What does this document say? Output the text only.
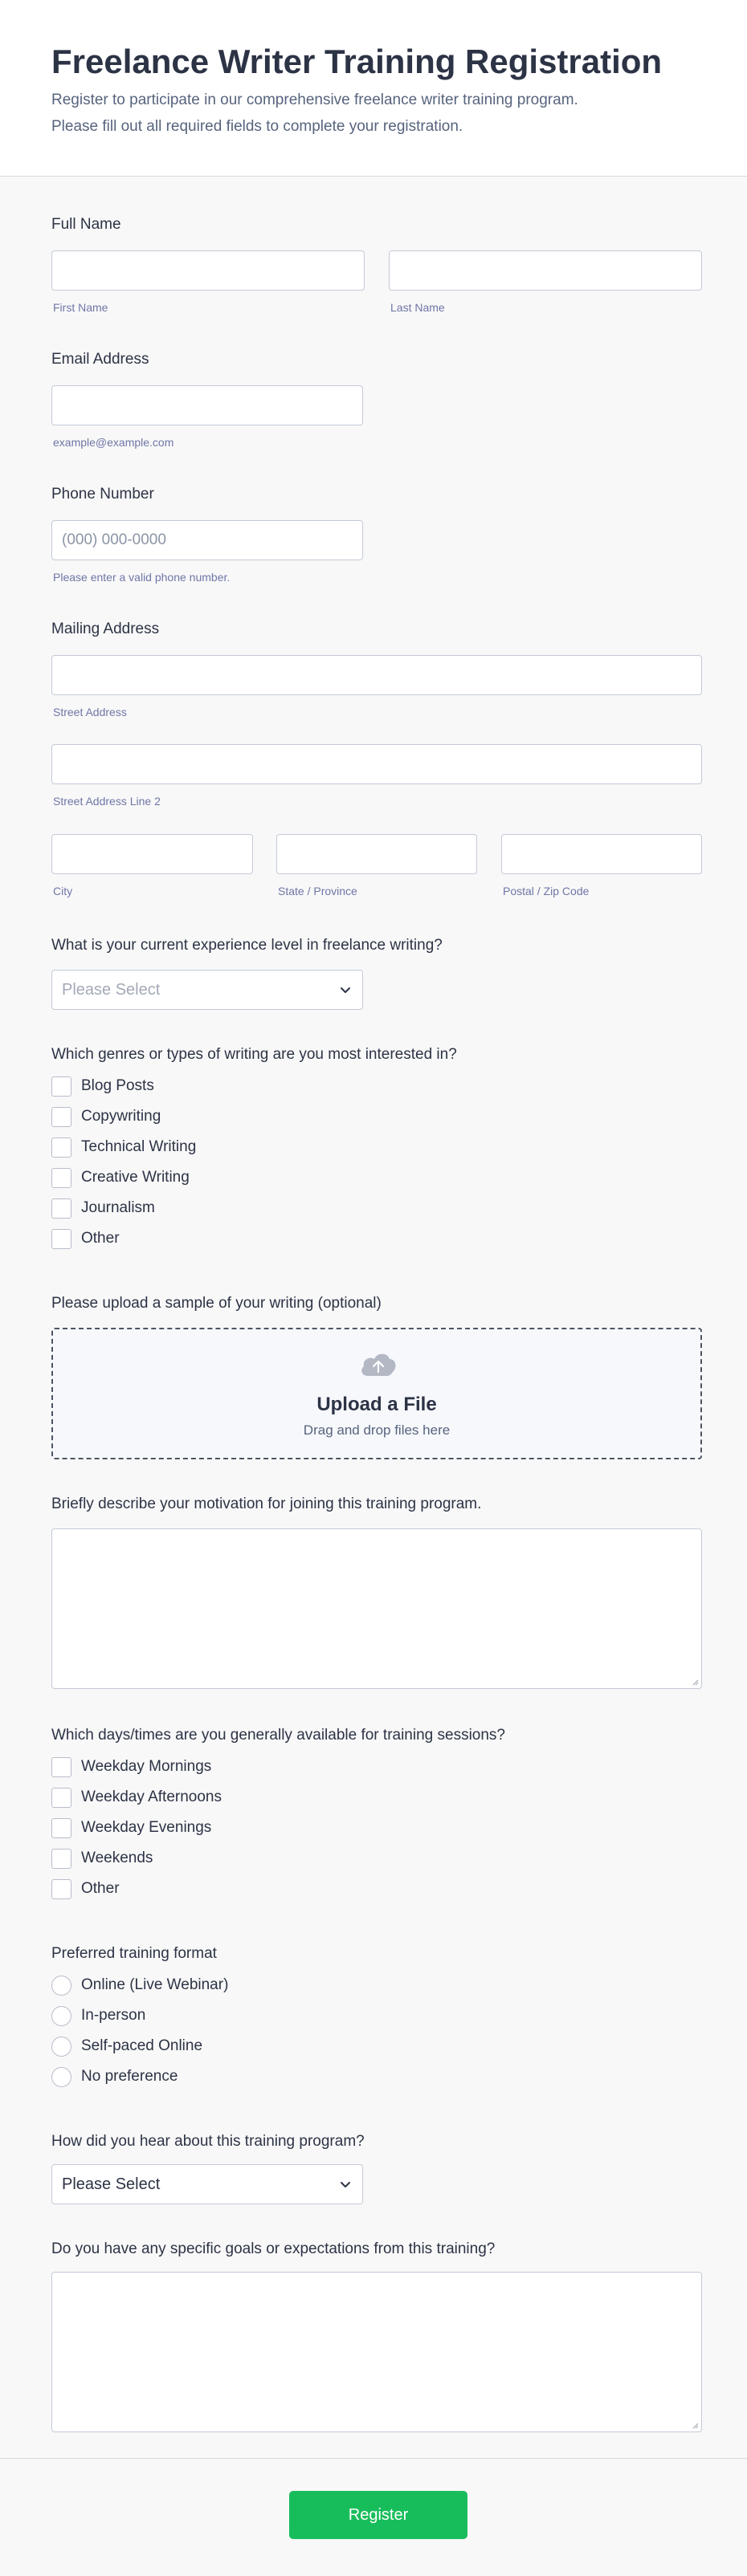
Freelance Writer Training Registration

Register to participate in our comprehensive freelance writer training program.

Please fill out all required fields to complete your registration.

Full Name
First Name	Last Name
Email Address
example@example.com
Phone Number
(000) 000-0000
Please enter a valid phone number.
Mailing Address
Street Address
Street Address Line 2
City	State / Province	Postal / Zip Code
What is your current experience level in freelance writing?
Please Select
Which genres or types of writing are you most interested in?
Blog Posts
Copywriting
Technical Writing
Creative Writing
Journalism
Other
Please upload a sample of your writing (optional)
Upload a File
Drag and drop files here
Briefly describe your motivation for joining this training program.
Which days/times are you generally available for training sessions?
Weekday Mornings
Weekday Afternoons
Weekday Evenings
Weekends
Other
Preferred training format
Online (Live Webinar)
In-person
Self-paced Online
No preference
How did you hear about this training program?
Please Select
Do you have any specific goals or expectations from this training?
Register
